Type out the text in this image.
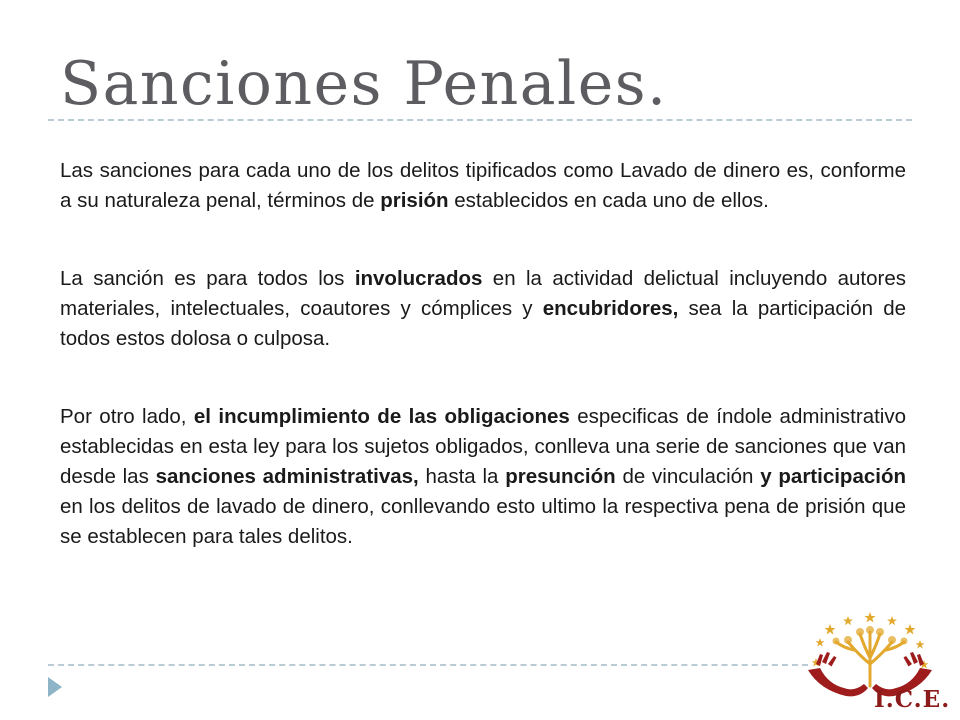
Sanciones Penales.

Las sanciones para cada uno de los delitos tipificados como Lavado de dinero es, conforme a su naturaleza penal, términos de prisión establecidos en cada uno de ellos.

La sanción es para todos los involucrados en la actividad delictual incluyendo autores materiales, intelectuales, coautores y cómplices y encubridores, sea la participación de todos estos dolosa o culposa.

Por otro lado, el incumplimiento de las obligaciones especificas de índole administrativo establecidas en esta ley para los sujetos obligados, conlleva una serie de sanciones que van desde las sanciones administrativas, hasta la presunción de vinculación y participación en los delitos de lavado de dinero, conllevando esto ultimo la respectiva pena de prisión que se establecen para tales delitos.

I.C.E.
